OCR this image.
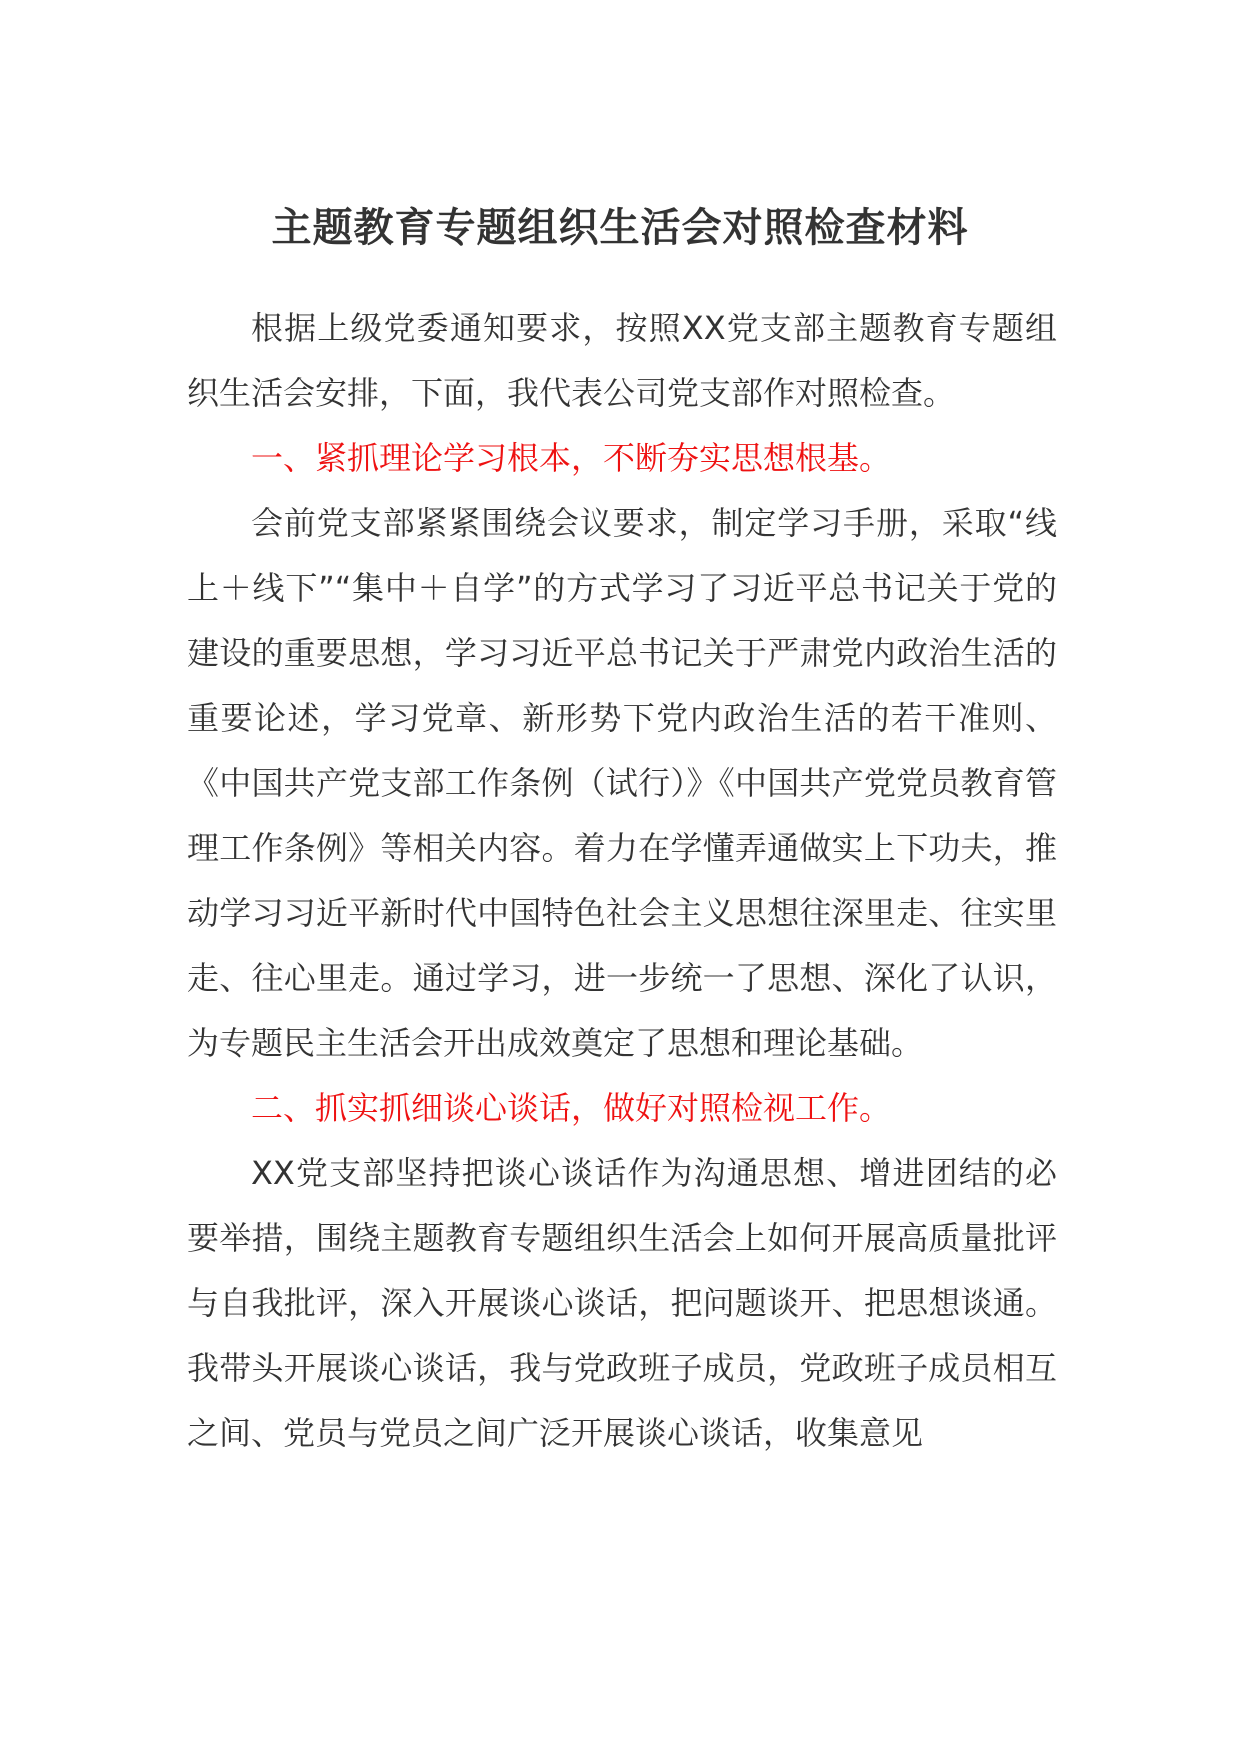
主题教育专题组织生活会对照检查材料

根据上级党委通知要求，按照XX党支部主题教育专题组织生活会安排，下面，我代表公司党支部作对照检查。

一、紧抓理论学习根本，不断夯实思想根基。

会前党支部紧紧围绕会议要求，制定学习手册，采取“线上＋线下”“集中＋自学”的方式学习了习近平总书记关于党的建设的重要思想，学习习近平总书记关于严肃党内政治生活的重要论述，学习党章、新形势下党内政治生活的若干准则、《中国共产党支部工作条例（试行）》《中国共产党党员教育管理工作条例》等相关内容。着力在学懂弄通做实上下功夫，推动学习习近平新时代中国特色社会主义思想往深里走、往实里走、往心里走。通过学习，进一步统一了思想、深化了认识，为专题民主生活会开出成效奠定了思想和理论基础。

二、抓实抓细谈心谈话，做好对照检视工作。

XX党支部坚持把谈心谈话作为沟通思想、增进团结的必要举措，围绕主题教育专题组织生活会上如何开展高质量批评与自我批评，深入开展谈心谈话，把问题谈开、把思想谈通。我带头开展谈心谈话，我与党政班子成员，党政班子成员相互之间、党员与党员之间广泛开展谈心谈话，收集意见
